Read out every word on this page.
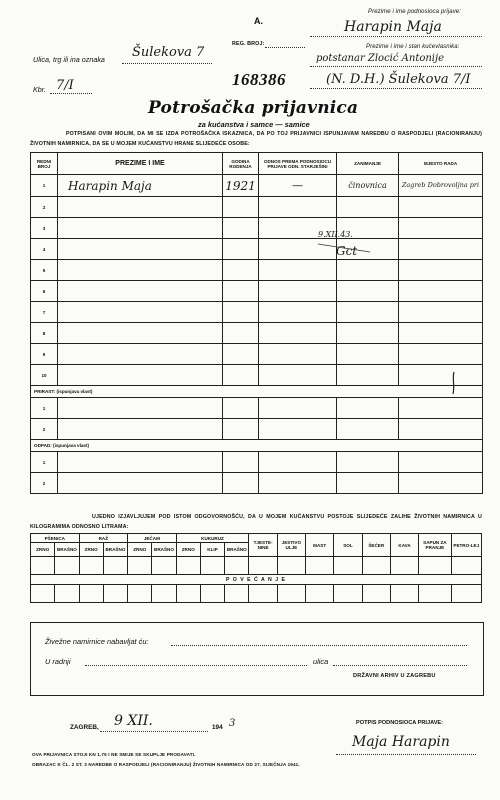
A.
Prezime i ime podnosioca prijave:
Harapin Maja
REG. BROJ:	Prezime i ime i stan kućevlasnika:
potstanar Zlocić Antonije
(N. D.H.) Šulekova 7/I
Ulica, trg ili ina oznaka Šulekova 7
Kbr. 7/I	168386
Potrošačka prijavnica
za kućanstva i samce — samice
POTPISANI OVIM MOLIM, DA MI SE IZDA POTROŠAČKA ISKAZNICA, DA PO TOJ PRIJAVNICI ISPUNJAVAM NAREDBU O RASPODJELI (RACIONIRANJU) ŽIVOTNIH NAMIRNICA, DA SE U MOJEM KUĆANSTVU HRANE SLIJEDEĆE OSOBE:
REDNI BROJ	PREZIME I IME	GODINA RODENJA	ODNOS PREMA PODNOSIOCU PRIJAVE ODN. STARJEŠINI	ZANIMANJE	MJESTO RADA
1	Harapin Maja	1921	—	činovnica	Zagreb Dobrovoljna pri
2					
3					
4					
5					
6					
7					
8					
9					
10					
PRIRAST: (ispunjava vlast)					
1					
2					
ODPAD: (ispunjava vlast)					
1					
2					
9.XII.43.
Gct
UJEDNO IZJAVLJUJEM POD ISTOM ODGOVORNOŠĆU, DA U MOJEM KUĆANSTVU POSTOJE SLIJEDEĆE ZALIHE ŽIVOTNIH NAMIRNICA U KILOGRAMIMA ODNOSNO LITRAMA:
PŠENICA		RAŽ		JEČAM		KUKURUZ			TJESTE-NINE	JESTIVO ULJE	MAST	SOL	ŠEĆER	KAVA	SAPUN ZA PRANJE	PETRO-LEJ
ZRNO	BRAŠNO	ZRNO	BRAŠNO	ZRNO	BRAŠNO	ZRNO	KLIP	BRAŠNO								

P O V E Ć A N J E																

Živežne namirnice nabavljat ću:
U radnji	ulica
DRŽAVNI ARHIV U ZAGREBU
ZAGREB, 9 XII.	194 3	POTPIS PODNOSIOCA PRIJAVE:
Maja Harapin
OVA PRIJAVNICA STOJI KN 1.75 I NE SMIJE SE SKUPLJE PRODAVATI.
OBRAZAC K ČL. 2 ST. 3 NAREDBE O RASPODJELI (RACIONIRANJU) ŽIVOTNIH NAMIRNICA OD 27. SIJEČNJA 1941.
